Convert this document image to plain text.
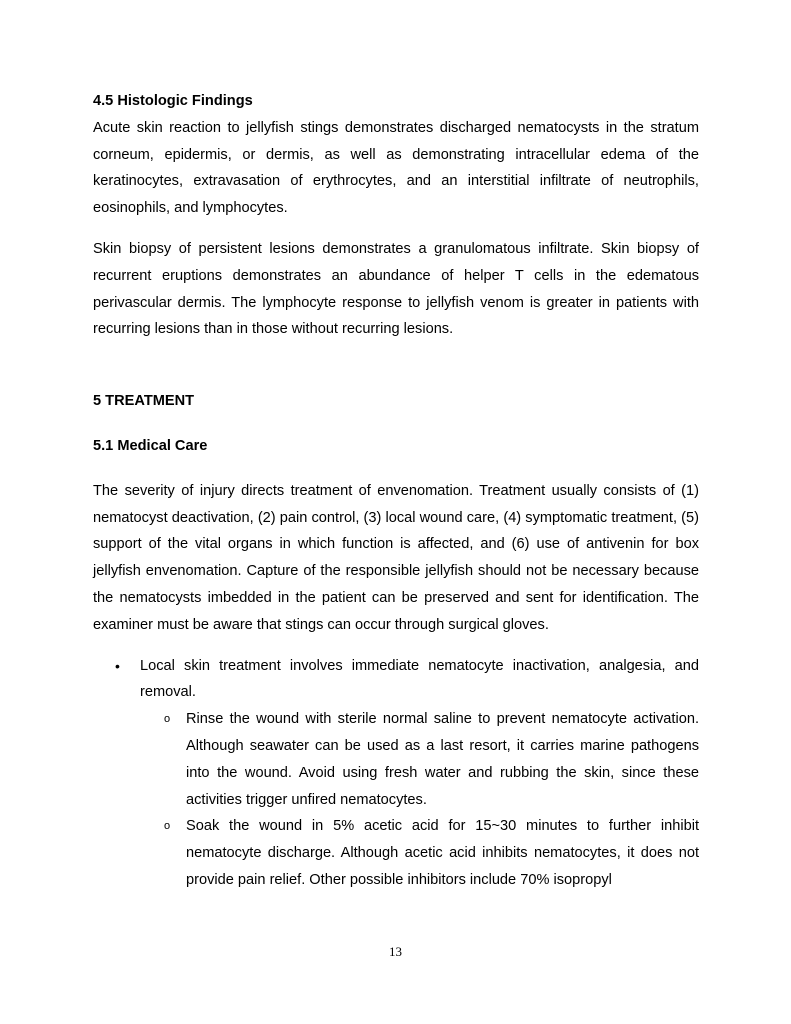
4.5 Histologic Findings

Acute skin reaction to jellyfish stings demonstrates discharged nematocysts in the stratum corneum, epidermis, or dermis, as well as demonstrating intracellular edema of the keratinocytes, extravasation of erythrocytes, and an interstitial infiltrate of neutrophils, eosinophils, and lymphocytes.

Skin biopsy of persistent lesions demonstrates a granulomatous infiltrate. Skin biopsy of recurrent eruptions demonstrates an abundance of helper T cells in the edematous perivascular dermis. The lymphocyte response to jellyfish venom is greater in patients with recurring lesions than in those without recurring lesions.

5 TREATMENT

5.1 Medical Care

The severity of injury directs treatment of envenomation. Treatment usually consists of (1) nematocyst deactivation, (2) pain control, (3) local wound care, (4) symptomatic treatment, (5) support of the vital organs in which function is affected, and (6) use of antivenin for box jellyfish envenomation. Capture of the responsible jellyfish should not be necessary because the nematocysts imbedded in the patient can be preserved and sent for identification. The examiner must be aware that stings can occur through surgical gloves.

• Local skin treatment involves immediate nematocyte inactivation, analgesia, and removal.
o Rinse the wound with sterile normal saline to prevent nematocyte activation. Although seawater can be used as a last resort, it carries marine pathogens into the wound. Avoid using fresh water and rubbing the skin, since these activities trigger unfired nematocytes.
o Soak the wound in 5% acetic acid for 15~30 minutes to further inhibit nematocyte discharge. Although acetic acid inhibits nematocytes, it does not provide pain relief. Other possible inhibitors include 70% isopropyl
13
